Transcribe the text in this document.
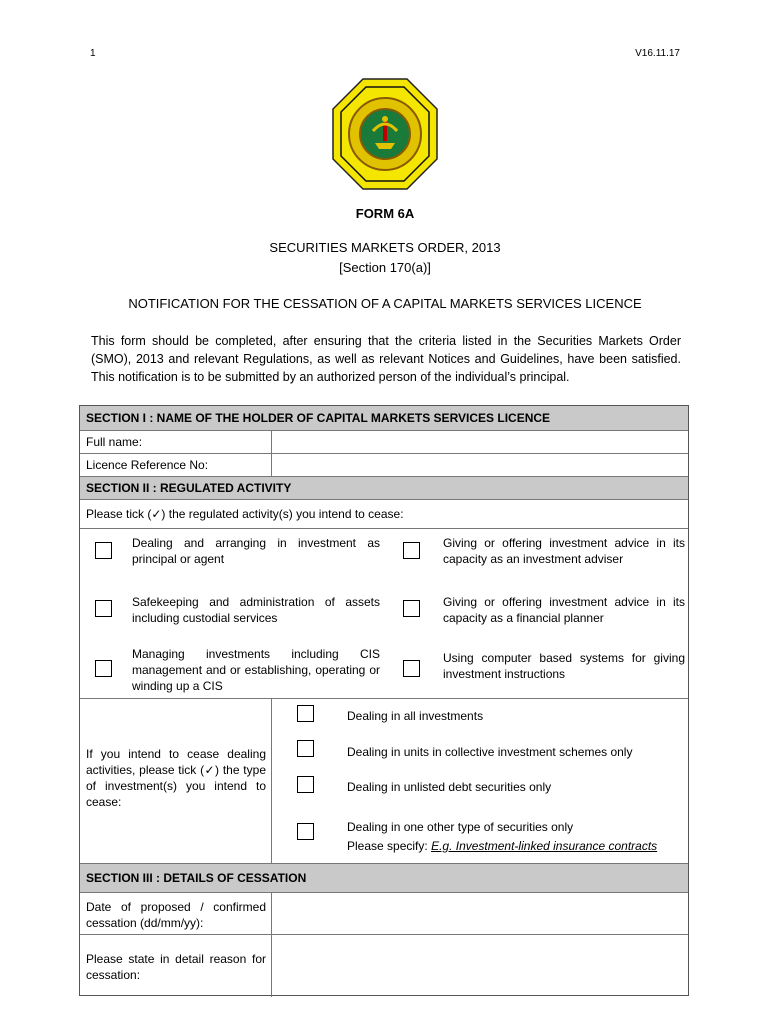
1	V16.11.17
FORM 6A
SECURITIES MARKETS ORDER, 2013
[Section 170(a)]
NOTIFICATION FOR THE CESSATION OF A CAPITAL MARKETS SERVICES LICENCE
This form should be completed, after ensuring that the criteria listed in the Securities Markets Order (SMO), 2013 and relevant Regulations, as well as relevant Notices and Guidelines, have been satisfied. This notification is to be submitted by an authorized person of the individual’s principal.
SECTION I : NAME OF THE HOLDER OF CAPITAL MARKETS SERVICES LICENCE
Full name:
Licence Reference No:
SECTION II : REGULATED ACTIVITY
Please tick (✓) the regulated activity(s) you intend to cease:
Dealing and arranging in investment as principal or agent
Giving or offering investment advice in its capacity as an investment adviser
Safekeeping and administration of assets including custodial services
Giving or offering investment advice in its capacity as a financial planner
Managing investments including CIS management and or establishing, operating or winding up a CIS
Using computer based systems for giving investment instructions
If you intend to cease dealing activities, please tick (✓) the type of investment(s) you intend to cease:
Dealing in all investments
Dealing in units in collective investment schemes only
Dealing in unlisted debt securities only
Dealing in one other type of securities only
Please specify: E.g. Investment-linked insurance contracts
SECTION III : DETAILS OF CESSATION
Date of proposed / confirmed cessation (dd/mm/yy):
Please state in detail reason for cessation:
